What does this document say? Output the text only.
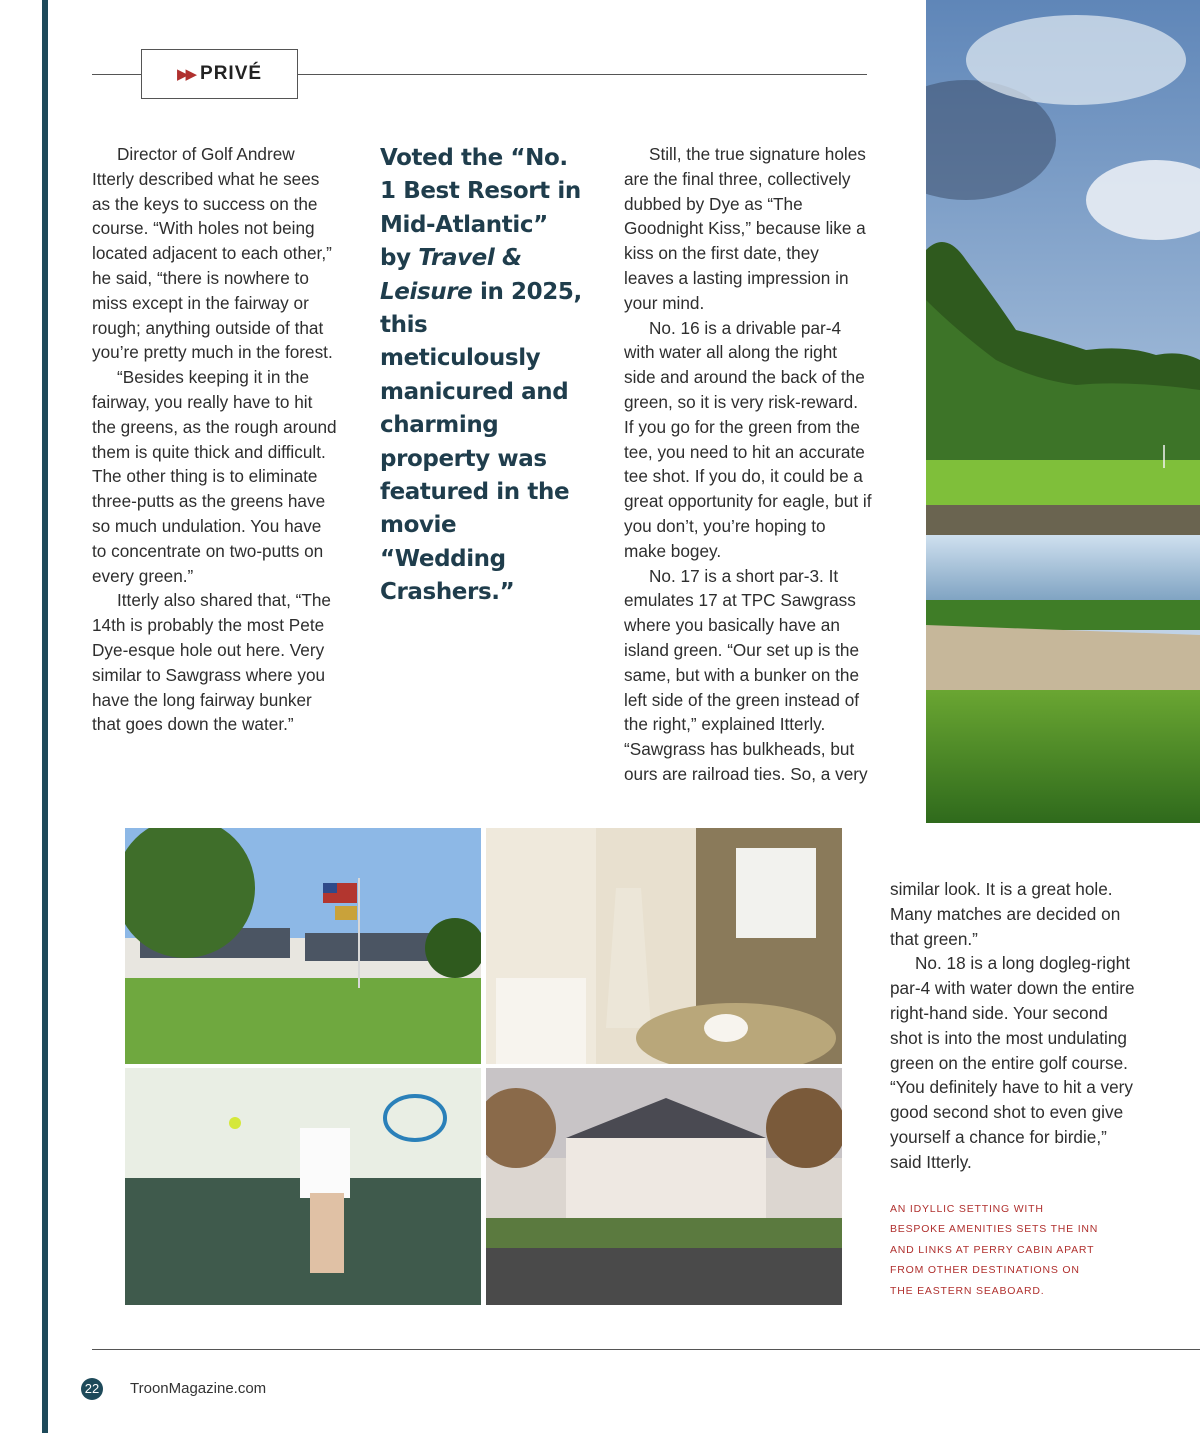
▶▶ PRIVÉ

Director of Golf Andrew Itterly described what he sees as the keys to success on the course. “With holes not being located adjacent to each other,” he said, “there is nowhere to miss except in the fairway or rough; anything outside of that you’re pretty much in the forest.

“Besides keeping it in the fairway, you really have to hit the greens, as the rough around them is quite thick and difficult. The other thing is to eliminate three-putts as the greens have so much undulation. You have to concentrate on two-putts on every green.”

Itterly also shared that, “The 14th is probably the most Pete Dye-esque hole out here. Very similar to Sawgrass where you have the long fairway bunker that goes down the water.”

Voted the “No. 1 Best Resort in Mid-Atlantic” by Travel & Leisure in 2025, this meticulously manicured and charming property was featured in the movie “Wedding Crashers.”

Still, the true signature holes are the final three, collectively dubbed by Dye as “The Goodnight Kiss,” because like a kiss on the first date, they leaves a lasting impression in your mind.

No. 16 is a drivable par-4 with water all along the right side and around the back of the green, so it is very risk-reward. If you go for the green from the tee, you need to hit an accurate tee shot. If you do, it could be a great opportunity for eagle, but if you don’t, you’re hoping to make bogey.

No. 17 is a short par-3. It emulates 17 at TPC Sawgrass where you basically have an island green. “Our set up is the same, but with a bunker on the left side of the green instead of the right,” explained Itterly. “Sawgrass has bulkheads, but ours are railroad ties. So, a very

similar look. It is a great hole. Many matches are decided on that green.”

No. 18 is a long dogleg-right par-4 with water down the entire right-hand side. Your second shot is into the most undulating green on the entire golf course. “You definitely have to hit a very good second shot to even give yourself a chance for birdie,” said Itterly.

AN IDYLLIC SETTING WITH BESPOKE AMENITIES SETS THE INN AND LINKS AT PERRY CABIN APART FROM OTHER DESTINATIONS ON THE EASTERN SEABOARD.
22 TroonMagazine.com
